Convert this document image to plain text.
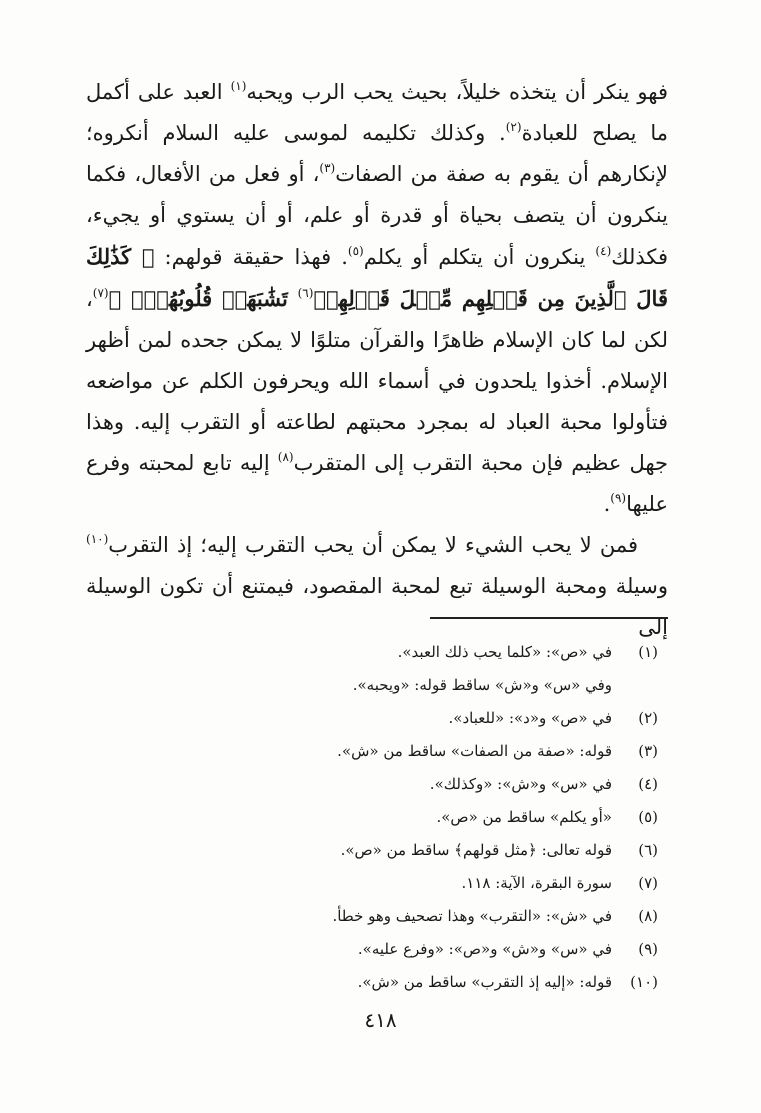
فهو ينكر أن يتخذه خليلاً، بحيث يحب الرب ويحبه$^{(١)}$ العبد على أكمل ما يصلح للعبادة$^{(٢)}$. وكذلك تكليمه لموسى عليه السلام أنكروه؛ لإنكارهم أن يقوم به صفة من الصفات$^{(٣)}$، أو فعل من الأفعال، فكما ينكرون أن يتصف بحياة أو قدرة أو علم، أو أن يستوي أو يجيء، فكذلك$^{(٤)}$ ينكرون أن يتكلم أو يكلم$^{(٥)}$. فهذا حقيقة قولهم: ﴿ كَذَٰلِكَ قَالَ ٱلَّذِينَ مِن قَبۡلِهِم مِّثۡلَ قَوۡلِهِمۡ$^{(٦)}$ تَشَٰبَهَتۡ قُلُوبُهُمۡۗ ﴾$^{(٧)}$، لكن لما كان الإسلام ظاهرًا والقرآن متلوًا لا يمكن جحده لمن أظهر الإسلام. أخذوا يلحدون في أسماء الله ويحرفون الكلم عن مواضعه فتأولوا محبة العباد له بمجرد محبتهم لطاعته أو التقرب إليه. وهذا جهل عظيم فإن محبة التقرب إلى المتقرب$^{(٨)}$ إليه تابع لمحبته وفرع عليها$^{(٩)}$.

فمن لا يحب الشيء لا يمكن أن يحب التقرب إليه؛ إذ التقرب$^{(١٠)}$ وسيلة ومحبة الوسيلة تبع لمحبة المقصود، فيمتنع أن تكون الوسيلة إلى

(١)
في «ص»: «كلما يحب ذلك العبد».
وفي «س» و«ش» ساقط قوله: «ويحبه».
(٢)
في «ص» و«د»: «للعباد».
(٣)
قوله: «صفة من الصفات» ساقط من «ش».
(٤)
في «س» و«ش»: «وكذلك».
(٥)
«أو يكلم» ساقط من «ص».
(٦)
قوله تعالى: ﴿مثل قولهم﴾ ساقط من «ص».
(٧)
سورة البقرة، الآية: ١١٨.
(٨)
في «ش»: «التقرب» وهذا تصحيف وهو خطأ.
(٩)
في «س» و«ش» و«ص»: «وفرع عليه».
(١٠)
قوله: «إليه إذ التقرب» ساقط من «ش».
٤١٨
